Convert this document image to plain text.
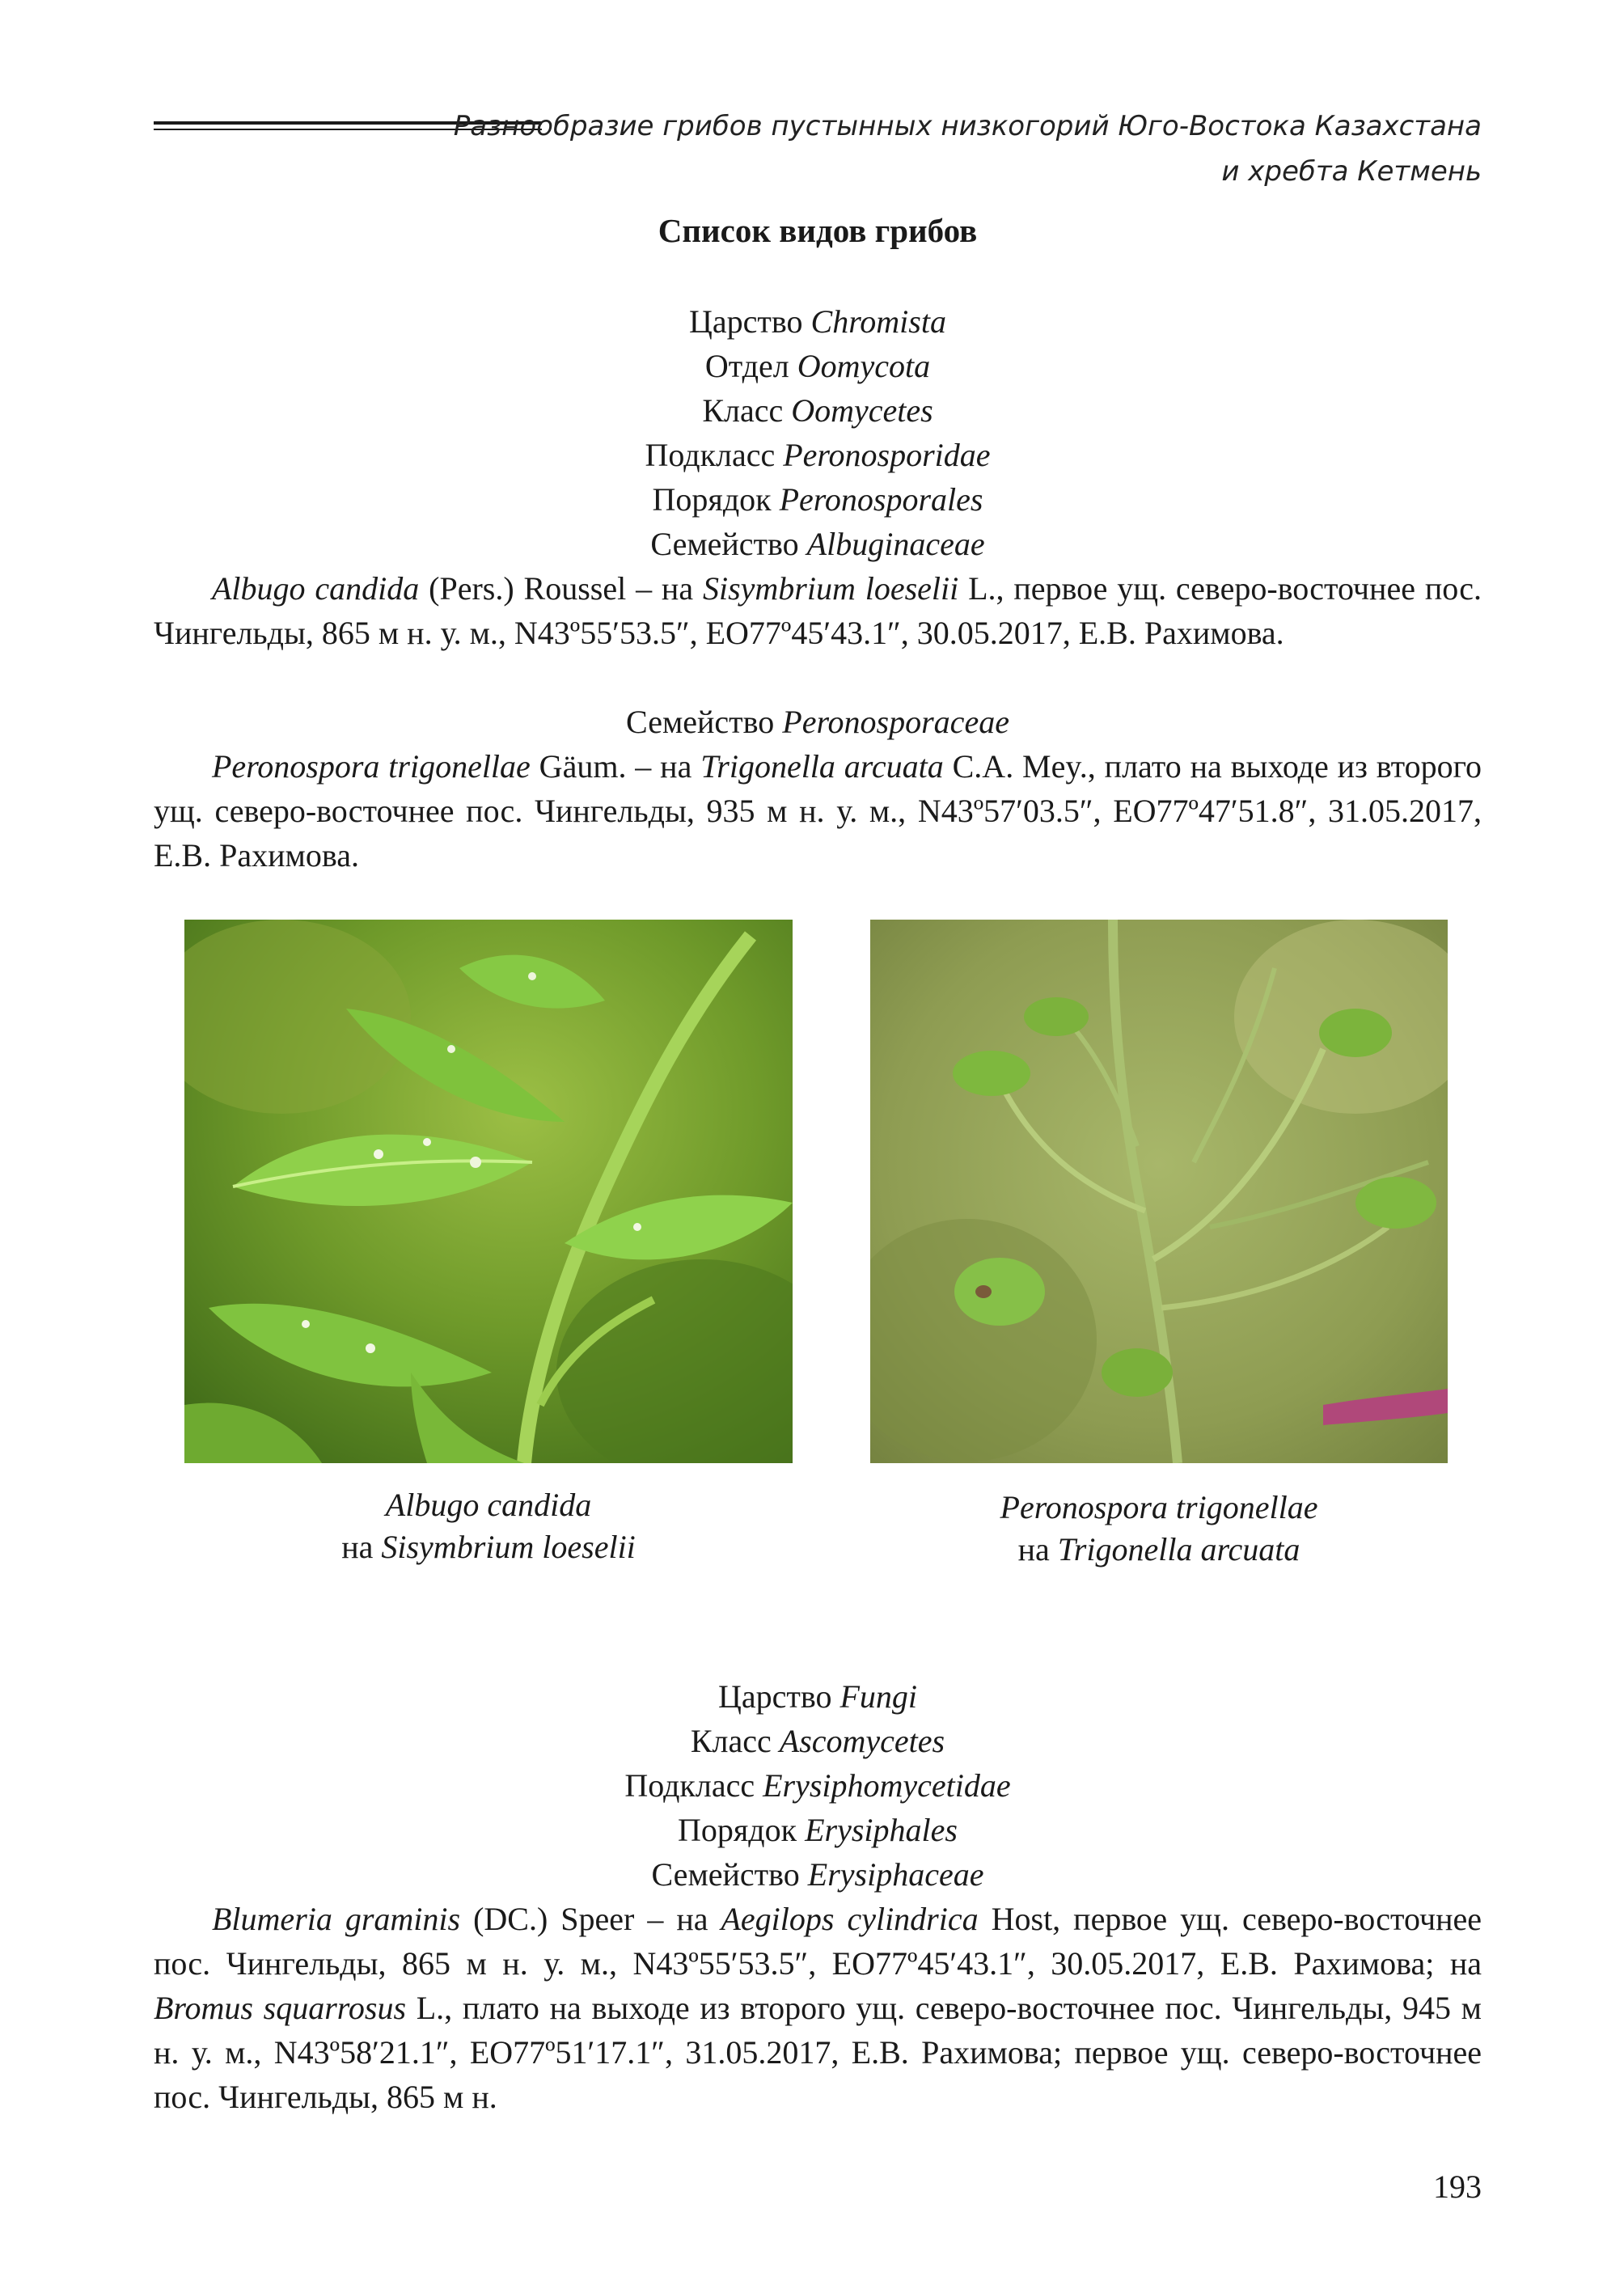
Разнообразие грибов пустынных низкогорий Юго-Востока Казахстана
и хребта Кетмень
Список видов грибов
Царство Chromista
Отдел Oomycota
Класс Oomycetes
Подкласс Peronosporidae
Порядок Peronosporales
Семейство Albuginaceae
Albugo candida (Pers.) Roussel – на Sisymbrium loeselii L., первое ущ. северо-восточнее пос. Чингельды, 865 м н. у. м., N43º55′53.5″, EO77º45′43.1″, 30.05.2017, Е.В. Рахимова.
Семейство Peronosporaceae
Peronospora trigonellae Gäum. – на Trigonella arcuata C.A. Mey., плато на выходе из второго ущ. северо-восточнее пос. Чингельды, 935 м н. у. м., N43º57′03.5″, EO77º47′51.8″, 31.05.2017, Е.В. Рахимова.
Albugo candida
на Sisymbrium loeselii
Peronospora trigonellae
на Trigonella arcuata
Царство Fungi
Класс Ascomycetes
Подкласс Erysiphomycetidae
Порядок Erysiphales
Семейство Erysiphaceae
Blumeria graminis (DC.) Speer – на Aegilops cylindrica Host, первое ущ. северо-восточнее пос. Чингельды, 865 м н. у. м., N43º55′53.5″, EO77º45′43.1″, 30.05.2017, Е.В. Рахимова; на Bromus squarrosus L., плато на выходе из второго ущ. северо-восточнее пос. Чингельды, 945 м н. у. м., N43º58′21.1″, EO77º51′17.1″, 31.05.2017, Е.В. Рахимова; первое ущ. северо-восточнее пос. Чингельды, 865 м н.
193
